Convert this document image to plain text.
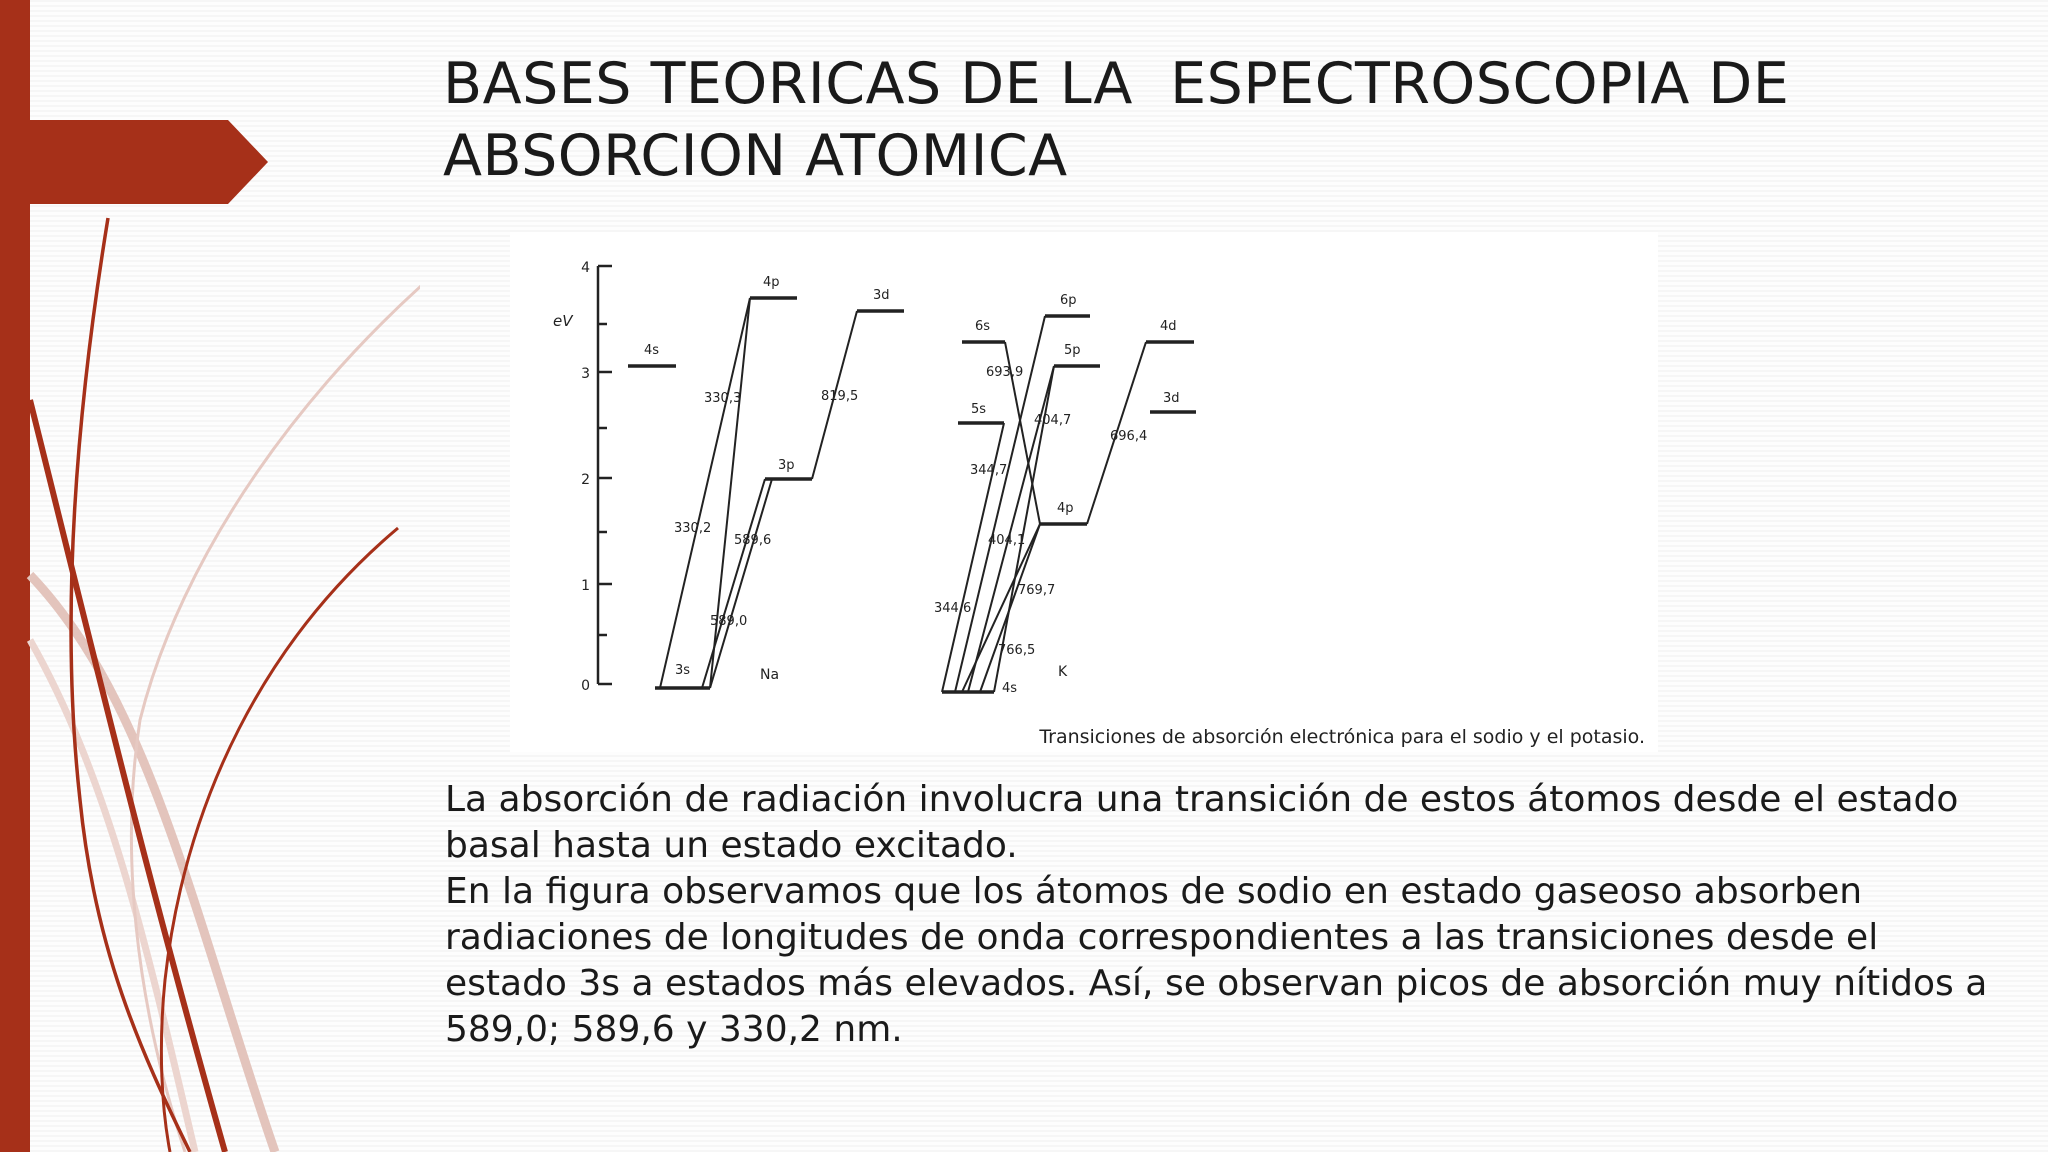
BASES TEORICAS DE LA  ESPECTROSCOPIA DE
ABSORCION ATOMICA
0
1
2
3
4
eV
3s
4s
3p
4p
3d
330,3	819,5
330,2
589,6
589,0
Na
4s
6s
5s
6p
5p
4p
4d
3d
693,9
404,7
344,7
404,1
696,4
769,7
344,6
766,5
K
Transiciones de absorción electrónica para el sodio y el potasio.

La absorción de radiación involucra una transición de estos átomos desde el estado basal hasta un estado excitado.

En la figura observamos que los átomos de sodio en estado gaseoso absorben radiaciones de longitudes de onda correspondientes a las transiciones desde el estado 3s a estados más elevados. Así, se observan picos de absorción muy nítidos a 589,0; 589,6 y 330,2 nm.
